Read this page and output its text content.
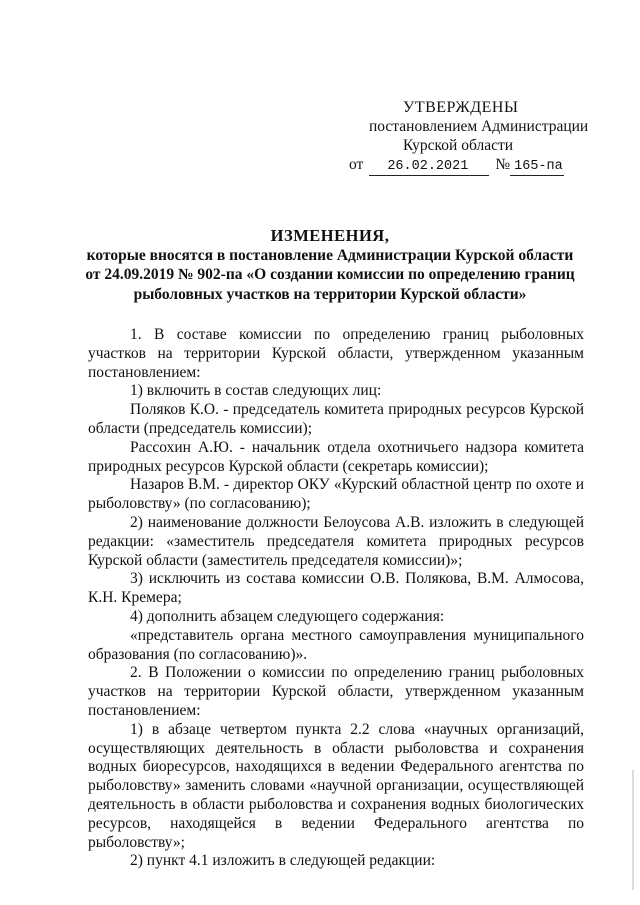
УТВЕРЖДЕНЫ
постановлением Администрации
Курской области
от	26.02.2021	№ 165-па
ИЗМЕНЕНИЯ,
которые вносятся в постановление Администрации Курской области
от 24.09.2019 № 902-па «О создании комиссии по определению границ
рыболовных участков на территории Курской области»

1. В составе комиссии по определению границ рыболовных участков на территории Курской области, утвержденном указанным постановлением:

1) включить в состав следующих лиц:

Поляков К.О. - председатель комитета природных ресурсов Курской области (председатель комиссии);

Рассохин А.Ю. - начальник отдела охотничьего надзора комитета природных ресурсов Курской области (секретарь комиссии);

Назаров В.М. - директор ОКУ «Курский областной центр по охоте и рыболовству» (по согласованию);

2) наименование должности Белоусова А.В. изложить в следующей редакции: «заместитель председателя комитета природных ресурсов Курской области (заместитель председателя комиссии)»;

3) исключить из состава комиссии О.В. Полякова, В.М. Алмосова, К.Н. Кремера;

4) дополнить абзацем следующего содержания:

«представитель органа местного самоуправления муниципального образования (по согласованию)».

2. В Положении о комиссии по определению границ рыболовных участков на территории Курской области, утвержденном указанным постановлением:

1) в абзаце четвертом пункта 2.2 слова «научных организаций, осуществляющих деятельность в области рыболовства и сохранения водных биоресурсов, находящихся в ведении Федерального агентства по рыболовству» заменить словами «научной организации, осуществляющей деятельность в области рыболовства и сохранения водных биологических ресурсов, находящейся в ведении Федерального агентства по рыболовству»;

2) пункт 4.1 изложить в следующей редакции:
